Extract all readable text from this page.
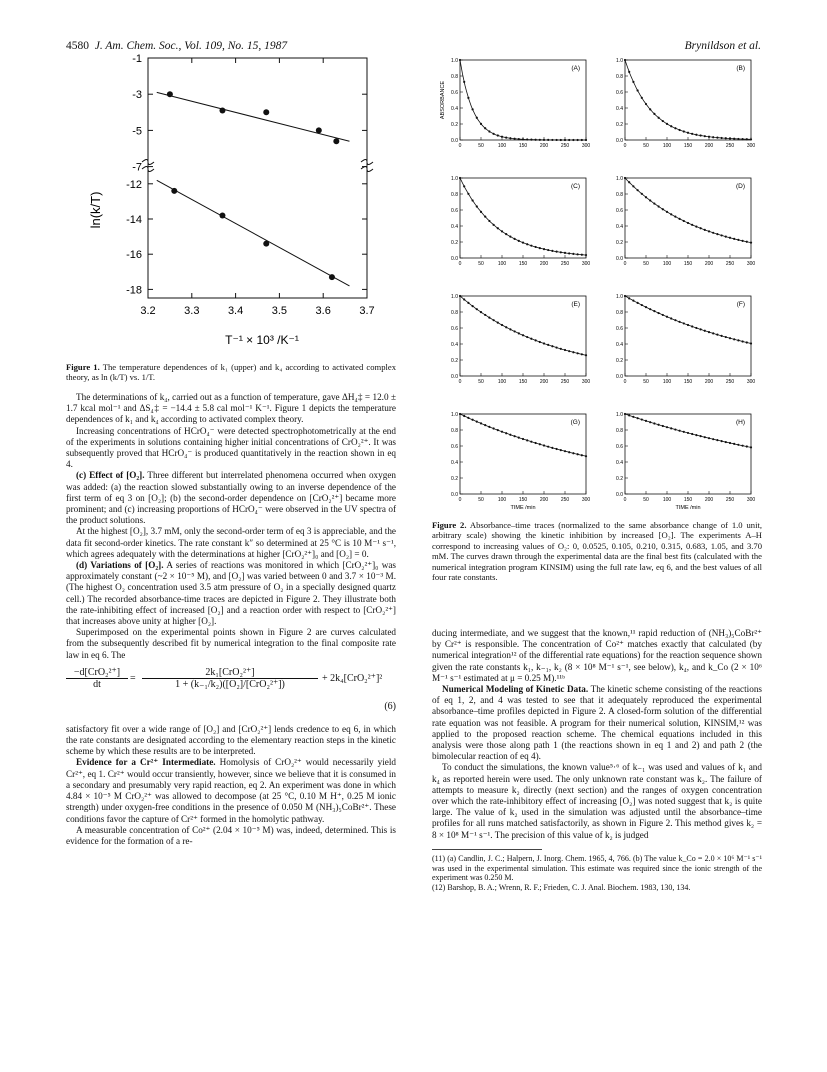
4580 J. Am. Chem. Soc., Vol. 109, No. 15, 1987	Brynildson et al.
-1
-3
-5
-7
-12
-14
-16
-18
3.2	3.3	3.4	3.5	3.6	3.7
ln(k/T)
T⁻¹ × 10³ /K⁻¹
Figure 1. The temperature dependences of k₁ (upper) and k₄ according to activated complex theory, as ln (k/T) vs. 1/T.

The determinations of k₄, carried out as a function of temperature, gave ΔH₄‡ = 12.0 ± 1.7 kcal mol⁻¹ and ΔS₄‡ = −14.4 ± 5.8 cal mol⁻¹ K⁻¹. Figure 1 depicts the temperature dependences of k₁ and k₄ according to activated complex theory.

Increasing concentrations of HCrO₄⁻ were detected spectrophotometrically at the end of the experiments in solutions containing higher initial concentrations of CrO₂²⁺. It was subsequently proved that HCrO₄⁻ is produced quantitatively in the reaction shown in eq 4.

(c) Effect of [O₂]. Three different but interrelated phenomena occurred when oxygen was added: (a) the reaction slowed substantially owing to an inverse dependence of the first term of eq 3 on [O₂]; (b) the second-order dependence on [CrO₂²⁺] became more prominent; and (c) increasing proportions of HCrO₄⁻ were observed in the UV spectra of the product solutions.

At the highest [O₂], 3.7 mM, only the second-order term of eq 3 is appreciable, and the data fit second-order kinetics. The rate constant k″ so determined at 25 °C is 10 M⁻¹ s⁻¹, which agrees adequately with the determinations at higher [CrO₂²⁺]₀ and [O₂] = 0.

(d) Variations of [O₂]. A series of reactions was monitored in which [CrO₂²⁺]₀ was approximately constant (~2 × 10⁻⁵ M), and [O₂] was varied between 0 and 3.7 × 10⁻³ M. (The highest O₂ concentration used 3.5 atm pressure of O₂ in a specially designed quartz cell.) The recorded absorbance-time traces are depicted in Figure 2. They illustrate both the rate-inhibiting effect of increased [O₂] and a reaction order with respect to [CrO₂²⁺] that increases above unity at higher [O₂].

Superimposed on the experimental points shown in Figure 2 are curves calculated from the subsequently described fit by numerical integration to the final composite rate law in eq 6. The

−d[CrO₂²⁺]
dt
=
2k₁[CrO₂²⁺]
1 + (k₋₁/k₂)([O₂]/[CrO₂²⁺])
+ 2k₄[CrO₂²⁺]²
(6)

satisfactory fit over a wide range of [O₂] and [CrO₂²⁺] lends credence to eq 6, in which the rate constants are designated according to the elementary reaction steps in the kinetic scheme by which these results are to be interpreted.

Evidence for a Cr²⁺ Intermediate. Homolysis of CrO₂²⁺ would necessarily yield Cr²⁺, eq 1. Cr²⁺ would occur transiently, however, since we believe that it is consumed in a secondary and presumably very rapid reaction, eq 2. An experiment was done in which 4.84 × 10⁻⁵ M CrO₂²⁺ was allowed to decompose (at 25 °C, 0.10 M H⁺, 0.25 M ionic strength) under oxygen-free conditions in the presence of 0.050 M (NH₃)₅CoBr²⁺. These conditions favor the capture of Cr²⁺ formed in the homolytic pathway.

A measurable concentration of Co²⁺ (2.04 × 10⁻⁵ M) was, indeed, determined. This is evidence for the formation of a re-

(A)
0.0
0.2
0.4
0.6
0.8
1.0
0	50	100	150	200	250	300
ABSORBANCE
(B)
0.0
0.2
0.4
0.6
0.8
1.0
0	50	100	150	200	250	300
(C)
0.0
0.2
0.4
0.6
0.8
1.0
0	50	100	150	200	250	300
(D)
0.0
0.2
0.4
0.6
0.8
1.0
0	50	100	150	200	250	300
(E)
0.0
0.2
0.4
0.6
0.8
1.0
0	50	100	150	200	250	300
(F)
0.0
0.2
0.4
0.6
0.8
1.0
0	50	100	150	200	250	300
(G)
0.0
0.2
0.4
0.6
0.8
1.0
0	50	100	150	200	250	300
TIME /min
(H)
0.0
0.2
0.4
0.6
0.8
1.0
0	50	100	150	200	250	300
TIME /min
Figure 2. Absorbance–time traces (normalized to the same absorbance change of 1.0 unit, arbitrary scale) showing the kinetic inhibition by increased [O₂]. The experiments A–H correspond to increasing values of O₂: 0, 0.0525, 0.105, 0.210, 0.315, 0.683, 1.05, and 3.70 mM. The curves drawn through the experimental data are the final best fits (calculated with the numerical integration program KINSIM) using the full rate law, eq 6, and the best values of all four rate constants.

ducing intermediate, and we suggest that the known,¹¹ rapid reduction of (NH₃)₅CoBr²⁺ by Cr²⁺ is responsible. The concentration of Co²⁺ matches exactly that calculated (by numerical integration¹² of the differential rate equations) for the reaction sequence shown given the rate constants k₁, k₋₁, k₂ (8 × 10⁸ M⁻¹ s⁻¹, see below), k₄, and k_Co (2 × 10⁶ M⁻¹ s⁻¹ estimated at μ = 0.25 M).¹¹ᵇ

Numerical Modeling of Kinetic Data. The kinetic scheme consisting of the reactions of eq 1, 2, and 4 was tested to see that it adequately reproduced the experimental absorbance–time profiles depicted in Figure 2. A closed-form solution of the differential rate equation was not feasible. A program for their numerical solution, KINSIM,¹² was applied to the proposed reaction scheme. The chemical equations included in this analysis were those along path 1 (the reactions shown in eq 1 and 2) and path 2 (the bimolecular reaction of eq 4).

To conduct the simulations, the known value⁵·⁶ of k₋₁ was used and values of k₁ and k₄ as reported herein were used. The only unknown rate constant was k₂. The failure of attempts to measure k₂ directly (next section) and the ranges of oxygen concentration over which the rate-inhibitory effect of increasing [O₂] was noted suggest that k₂ is quite large. The value of k₂ used in the simulation was adjusted until the absorbance–time profiles for all runs matched satisfactorily, as shown in Figure 2. This method gives k₂ = 8 × 10⁸ M⁻¹ s⁻¹. The precision of this value of k₂ is judged

(11) (a) Candlin, J. C.; Halpern, J. Inorg. Chem. 1965, 4, 766. (b) The value k_Co = 2.0 × 10⁶ M⁻¹ s⁻¹ was used in the experimental simulation. This estimate was required since the ionic strength of the experiment was 0.250 M.

(12) Barshop, B. A.; Wrenn, R. F.; Frieden, C. J. Anal. Biochem. 1983, 130, 134.
